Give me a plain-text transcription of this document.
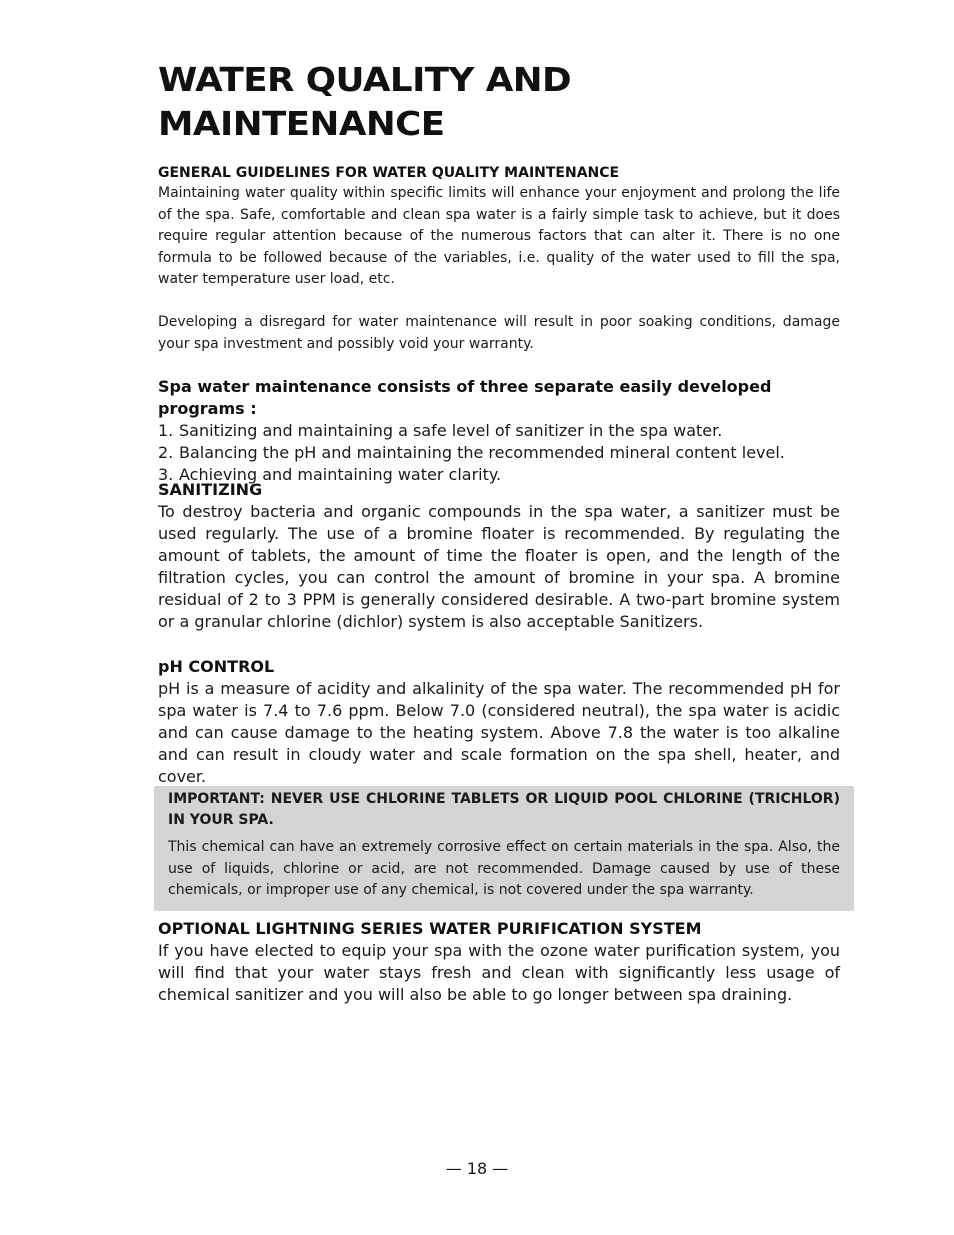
WATER QUALITY AND MAINTENANCE

GENERAL GUIDELINES FOR WATER QUALITY MAINTENANCE

Maintaining water quality within specific limits will enhance your enjoyment and prolong the life of the spa. Safe, comfortable and clean spa water is a fairly simple task to achieve, but it does require regular attention because of the numerous factors that can alter it. There is no one formula to be followed because of the variables, i.e. quality of the water used to fill the spa, water temperature user load, etc.

Developing a disregard for water maintenance will result in poor soaking conditions, damage your spa investment and possibly void your warranty.

Spa water maintenance consists of three separate easily developed programs :

1. Sanitizing and maintaining a safe level of sanitizer in the spa water.
2. Balancing the pH and maintaining the recommended mineral content level.
3. Achieving and maintaining water clarity.

SANITIZING

To destroy bacteria and organic compounds in the spa water, a sanitizer must be used regularly. The use of a bromine floater is recommended. By regulating the amount of tablets, the amount of time the floater is open, and the length of the filtration cycles, you can control the amount of bromine in your spa. A bromine residual of 2 to 3 PPM is generally considered desirable. A two-part bromine system or a granular chlorine (dichlor) system is also acceptable Sanitizers.

pH CONTROL

pH is a measure of acidity and alkalinity of the spa water. The recommended pH for spa water is 7.4 to 7.6 ppm. Below 7.0 (considered neutral), the spa water is acidic and can cause damage to the heating system. Above 7.8 the water is too alkaline and can result in cloudy water and scale formation on the spa shell, heater, and cover.

IMPORTANT: NEVER USE CHLORINE TABLETS OR LIQUID POOL CHLORINE (TRICHLOR) IN YOUR SPA.

This chemical can have an extremely corrosive effect on certain materials in the spa. Also, the use of liquids, chlorine or acid, are not recommended. Damage caused by use of these chemicals, or improper use of any chemical, is not covered under the spa warranty.

OPTIONAL LIGHTNING SERIES WATER PURIFICATION SYSTEM

If you have elected to equip your spa with the ozone water purification system, you will find that your water stays fresh and clean with significantly less usage of chemical sanitizer and you will also be able to go longer between spa draining.

— 18 —
